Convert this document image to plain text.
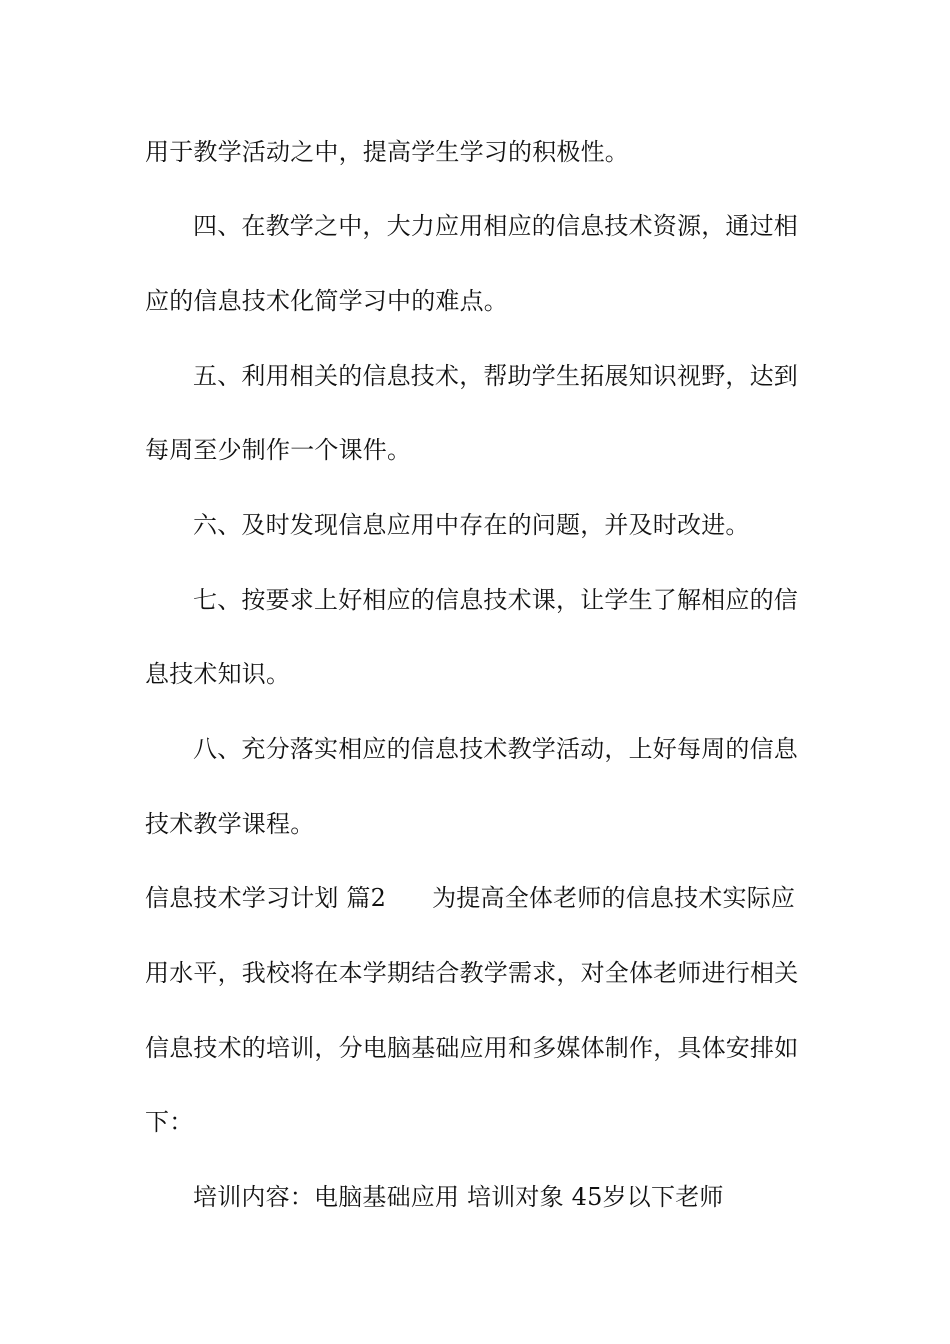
用于教学活动之中，提高学生学习的积极性。
四、在教学之中，大力应用相应的信息技术资源，通过相
应的信息技术化简学习中的难点。
五、利用相关的信息技术，帮助学生拓展知识视野，达到
每周至少制作一个课件。
六、及时发现信息应用中存在的问题，并及时改进。
七、按要求上好相应的信息技术课，让学生了解相应的信
息技术知识。
八、充分落实相应的信息技术教学活动，上好每周的信息
技术教学课程。
信息技术学习计划 篇2 为提高全体老师的信息技术实际应
用水平，我校将在本学期结合教学需求，对全体老师进行相关
信息技术的培训，分电脑基础应用和多媒体制作，具体安排如
下：
培训内容：电脑基础应用 培训对象 45岁以下老师
